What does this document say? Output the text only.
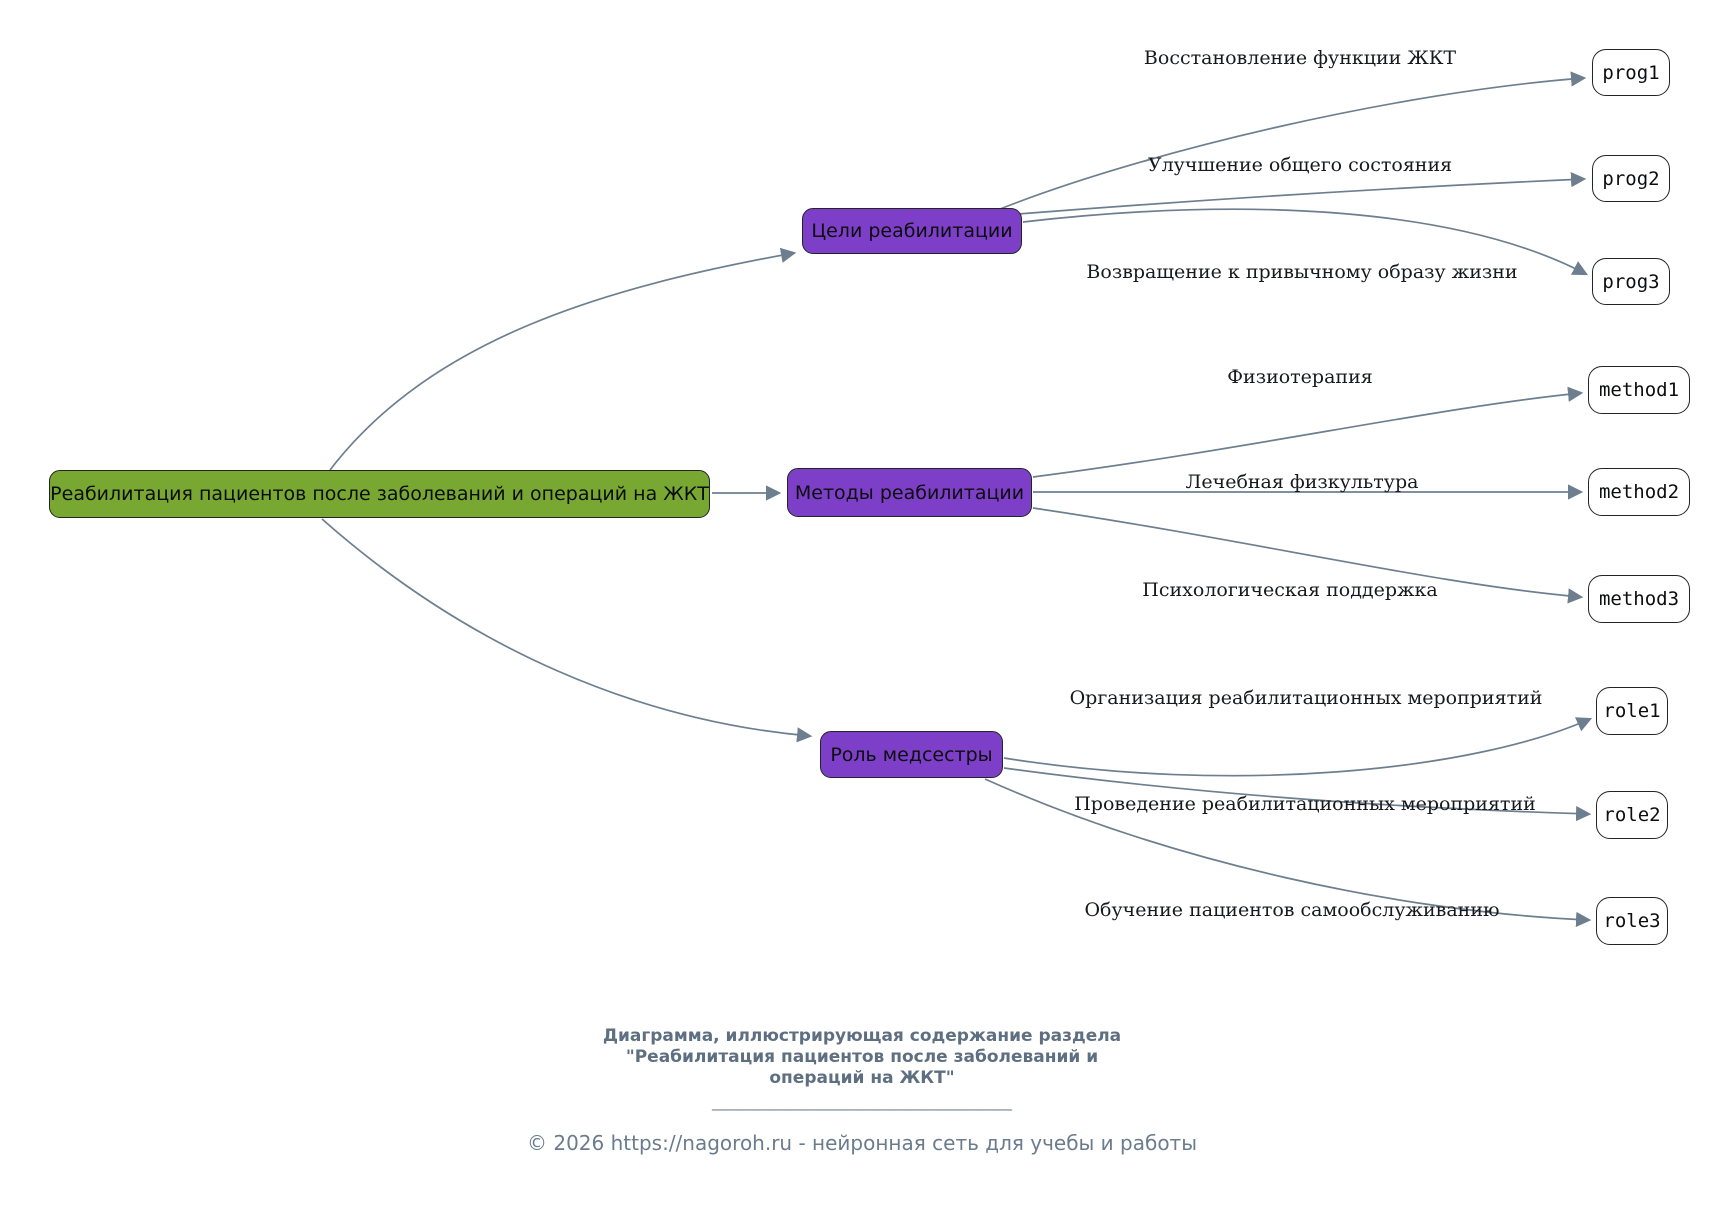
Реабилитация пациентов после заболеваний и операций на ЖКТ
Цели реабилитации
Методы реабилитации
Роль медсестры
prog1
prog2
prog3
method1
method2
method3
role1
role2
role3
Восстановление функции ЖКТ
Улучшение общего состояния
Возвращение к привычному образу жизни
Физиотерапия
Лечебная физкультура
Психологическая поддержка
Организация реабилитационных мероприятий
Проведение реабилитационных мероприятий
Обучение пациентов самообслуживанию
Диаграмма, иллюстрирующая содержание раздела
"Реабилитация пациентов после заболеваний и
операций на ЖКТ"
________________________________________
© 2026 https://nagoroh.ru - нейронная сеть для учебы и работы
